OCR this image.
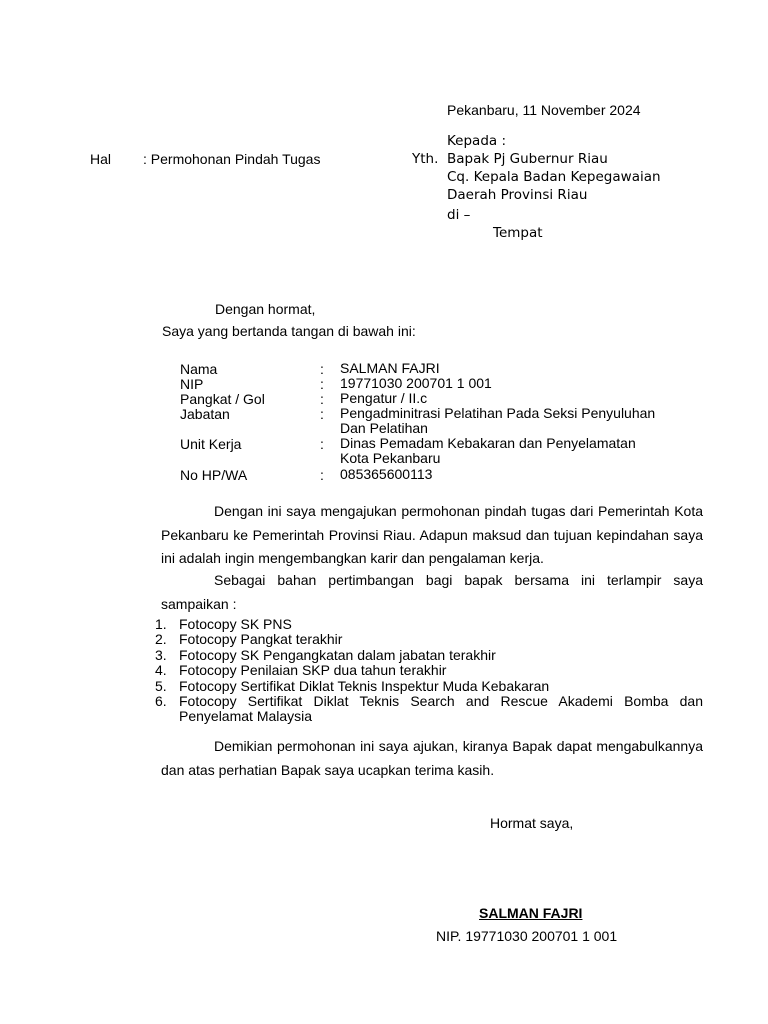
Pekanbaru, 11 November 2024
Kepada :
Hal : Permohonan Pindah Tugas	Yth. Bapak Pj Gubernur Riau
Cq. Kepala Badan Kepegawaian
Daerah Provinsi Riau
di –
Tempat
Dengan hormat,
Saya yang bertanda tangan di bawah ini:
Nama	: SALMAN FAJRI
NIP	: 19771030 200701 1 001
Pangkat / Gol	: Pengatur / II.c
Jabatan	: Pengadminitrasi Pelatihan Pada Seksi Penyuluhan
Dan Pelatihan
Unit Kerja	: Dinas Pemadam Kebakaran dan Penyelamatan
Kota Pekanbaru
No HP/WA	: 085365600113
Dengan ini saya mengajukan permohonan pindah tugas dari Pemerintah Kota Pekanbaru ke Pemerintah Provinsi Riau. Adapun maksud dan tujuan kepindahan saya ini adalah ingin mengembangkan karir dan pengalaman kerja.
Sebagai bahan pertimbangan bagi bapak bersama ini terlampir saya sampaikan :
1. Fotocopy SK PNS
2. Fotocopy Pangkat terakhir
3. Fotocopy SK Pengangkatan dalam jabatan terakhir
4. Fotocopy Penilaian SKP dua tahun terakhir
5. Fotocopy Sertifikat Diklat Teknis Inspektur Muda Kebakaran
6. Fotocopy Sertifikat Diklat Teknis Search and Rescue Akademi Bomba dan Penyelamat Malaysia
Demikian permohonan ini saya ajukan, kiranya Bapak dapat mengabulkannya dan atas perhatian Bapak saya ucapkan terima kasih.
Hormat saya,
SALMAN FAJRI
NIP. 19771030 200701 1 001
